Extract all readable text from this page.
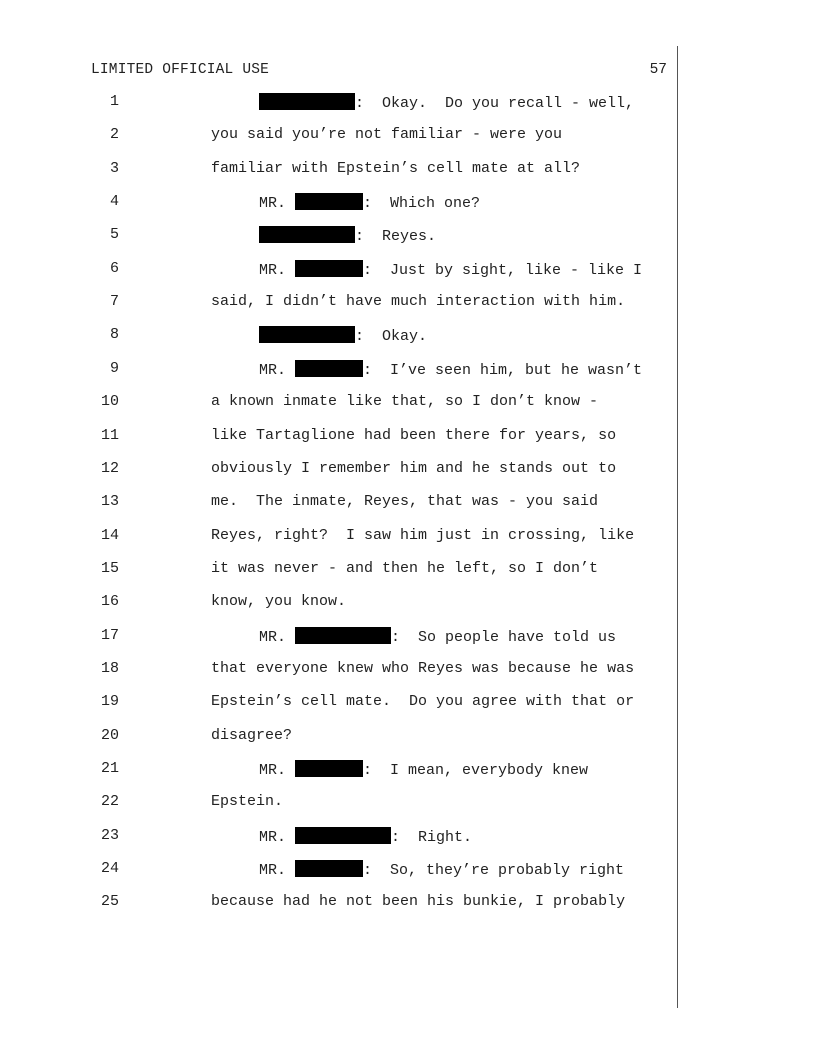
LIMITED OFFICIAL USE	57
1	:  Okay.  Do you recall - well,
2	you said you’re not familiar - were you
3	familiar with Epstein’s cell mate at all?
4	MR.	:  Which one?
5	:  Reyes.
6	MR.	:  Just by sight, like - like I
7	said, I didn’t have much interaction with him.
8	:  Okay.
9	MR.	:  I’ve seen him, but he wasn’t
10	a known inmate like that, so I don’t know -
11	like Tartaglione had been there for years, so
12	obviously I remember him and he stands out to
13	me.  The inmate, Reyes, that was - you said
14	Reyes, right?  I saw him just in crossing, like
15	it was never - and then he left, so I don’t
16	know, you know.
17	MR.	:  So people have told us
18	that everyone knew who Reyes was because he was
19	Epstein’s cell mate.  Do you agree with that or
20	disagree?
21	MR.	:  I mean, everybody knew
22	Epstein.
23	MR.	:  Right.
24	MR.	:  So, they’re probably right
25	because had he not been his bunkie, I probably
